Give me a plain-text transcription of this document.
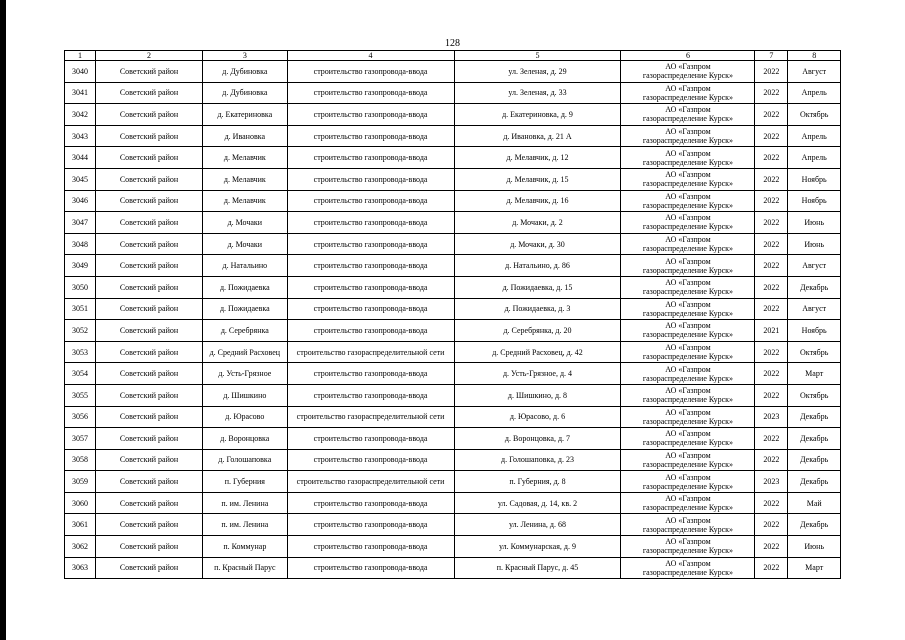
128
1	2	3	4	5	6	7	8
3040	Советский район	д. Дубиновка	строительство газопровода-ввода	ул. Зеленая, д. 29	АО «Газпром
газораспределение Курск»	2022	Август
3041	Советский район	д. Дубиновка	строительство газопровода-ввода	ул. Зеленая, д. 33	АО «Газпром
газораспределение Курск»	2022	Апрель
3042	Советский район	д. Екатериновка	строительство газопровода-ввода	д. Екатериновка, д. 9	АО «Газпром
газораспределение Курск»	2022	Октябрь
3043	Советский район	д. Ивановка	строительство газопровода-ввода	д. Ивановка, д. 21 А	АО «Газпром
газораспределение Курск»	2022	Апрель
3044	Советский район	д. Мелавчик	строительство газопровода-ввода	д. Мелавчик, д. 12	АО «Газпром
газораспределение Курск»	2022	Апрель
3045	Советский район	д. Мелавчик	строительство газопровода-ввода	д. Мелавчик, д. 15	АО «Газпром
газораспределение Курск»	2022	Ноябрь
3046	Советский район	д. Мелавчик	строительство газопровода-ввода	д. Мелавчик, д. 16	АО «Газпром
газораспределение Курск»	2022	Ноябрь
3047	Советский район	д. Мочаки	строительство газопровода-ввода	д. Мочаки, д. 2	АО «Газпром
газораспределение Курск»	2022	Июнь
3048	Советский район	д. Мочаки	строительство газопровода-ввода	д. Мочаки, д. 30	АО «Газпром
газораспределение Курск»	2022	Июнь
3049	Советский район	д. Натальино	строительство газопровода-ввода	д. Натальино, д. 86	АО «Газпром
газораспределение Курск»	2022	Август
3050	Советский район	д. Пожидаевка	строительство газопровода-ввода	д. Пожидаевка, д. 15	АО «Газпром
газораспределение Курск»	2022	Декабрь
3051	Советский район	д. Пожидаевка	строительство газопровода-ввода	д. Пожидаевка, д. 3	АО «Газпром
газораспределение Курск»	2022	Август
3052	Советский район	д. Серебрянка	строительство газопровода-ввода	д. Серебрянка, д. 20	АО «Газпром
газораспределение Курск»	2021	Ноябрь
3053	Советский район	д. Средний Расховец	строительство газораспределительной сети	д. Средний Расховец, д. 42	АО «Газпром
газораспределение Курск»	2022	Октябрь
3054	Советский район	д. Усть-Грязное	строительство газопровода-ввода	д. Усть-Грязное, д. 4	АО «Газпром
газораспределение Курск»	2022	Март
3055	Советский район	д. Шишкино	строительство газопровода-ввода	д. Шишкино, д. 8	АО «Газпром
газораспределение Курск»	2022	Октябрь
3056	Советский район	д. Юрасово	строительство газораспределительной сети	д. Юрасово, д. 6	АО «Газпром
газораспределение Курск»	2023	Декабрь
3057	Советский район	д. Воронцовка	строительство газопровода-ввода	д. Воронцовка, д. 7	АО «Газпром
газораспределение Курск»	2022	Декабрь
3058	Советский район	д. Голошаповка	строительство газопровода-ввода	д. Голошаповка, д. 23	АО «Газпром
газораспределение Курск»	2022	Декабрь
3059	Советский район	п. Губерния	строительство газораспределительной сети	п. Губерния, д. 8	АО «Газпром
газораспределение Курск»	2023	Декабрь
3060	Советский район	п. им. Ленина	строительство газопровода-ввода	ул. Садовая, д. 14, кв. 2	АО «Газпром
газораспределение Курск»	2022	Май
3061	Советский район	п. им. Ленина	строительство газопровода-ввода	ул. Ленина, д. 68	АО «Газпром
газораспределение Курск»	2022	Декабрь
3062	Советский район	п. Коммунар	строительство газопровода-ввода	ул. Коммунарская, д. 9	АО «Газпром
газораспределение Курск»	2022	Июнь
3063	Советский район	п. Красный Парус	строительство газопровода-ввода	п. Красный Парус, д. 45	АО «Газпром
газораспределение Курск»	2022	Март
